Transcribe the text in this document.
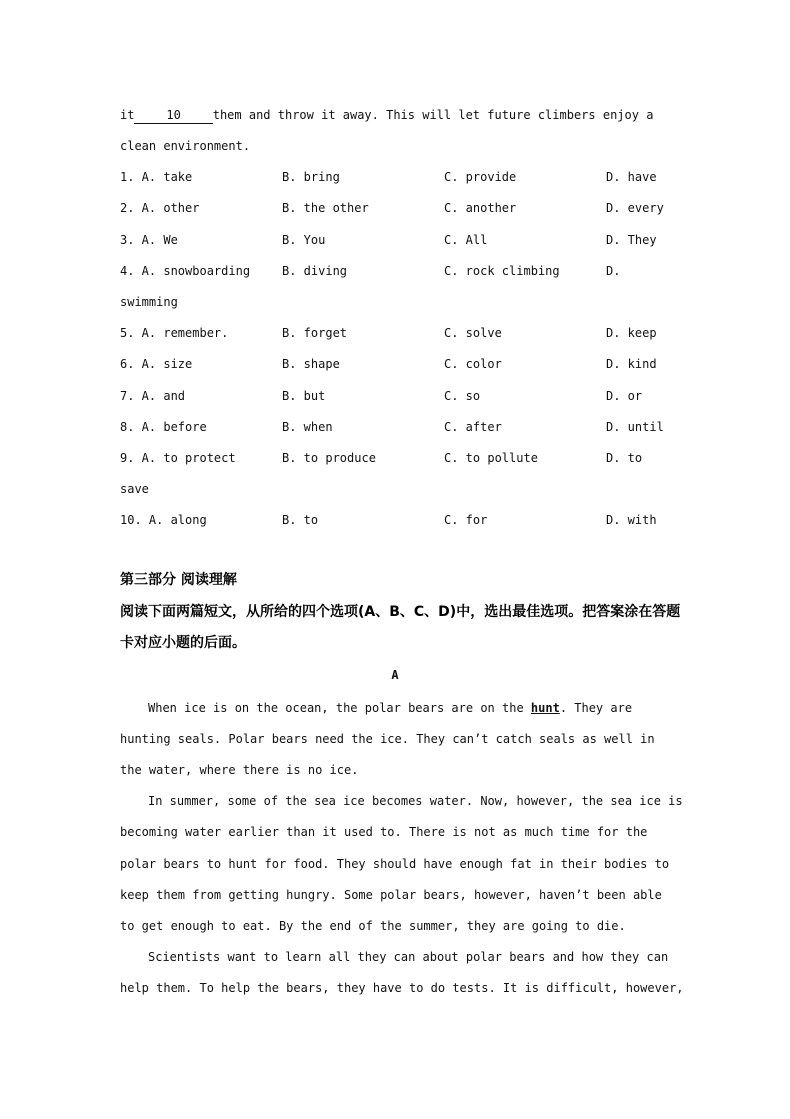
it	10	them and throw it away. This will let future climbers enjoy a
clean environment.
1. A. take	B. bring	C. provide	D. have
2. A. other	B. the other	C. another	D. every
3. A. We	B. You	C. All	D. They
4. A. snowboarding	B. diving	C. rock climbing	D.
swimming
5. A. remember.	B. forget	C. solve	D. keep
6. A. size	B. shape	C. color	D. kind
7. A. and	B. but	C. so	D. or
8. A. before	B. when	C. after	D. until
9. A. to protect	B. to produce	C. to pollute	D. to
save
10. A. along	B. to	C. for	D. with
第三部分 阅读理解
阅读下面两篇短文，从所给的四个选项(A、B、C、D)中，选出最佳选项。把答案涂在答题
卡对应小题的后面。
A
When ice is on the ocean, the polar bears are on the hunt. They are
hunting seals. Polar bears need the ice. They can’t catch seals as well in
the water, where there is no ice.
In summer, some of the sea ice becomes water. Now, however, the sea ice is
becoming water earlier than it used to. There is not as much time for the
polar bears to hunt for food. They should have enough fat in their bodies to
keep them from getting hungry. Some polar bears, however, haven’t been able
to get enough to eat. By the end of the summer, they are going to die.
Scientists want to learn all they can about polar bears and how they can
help them. To help the bears, they have to do tests. It is difficult, however,
